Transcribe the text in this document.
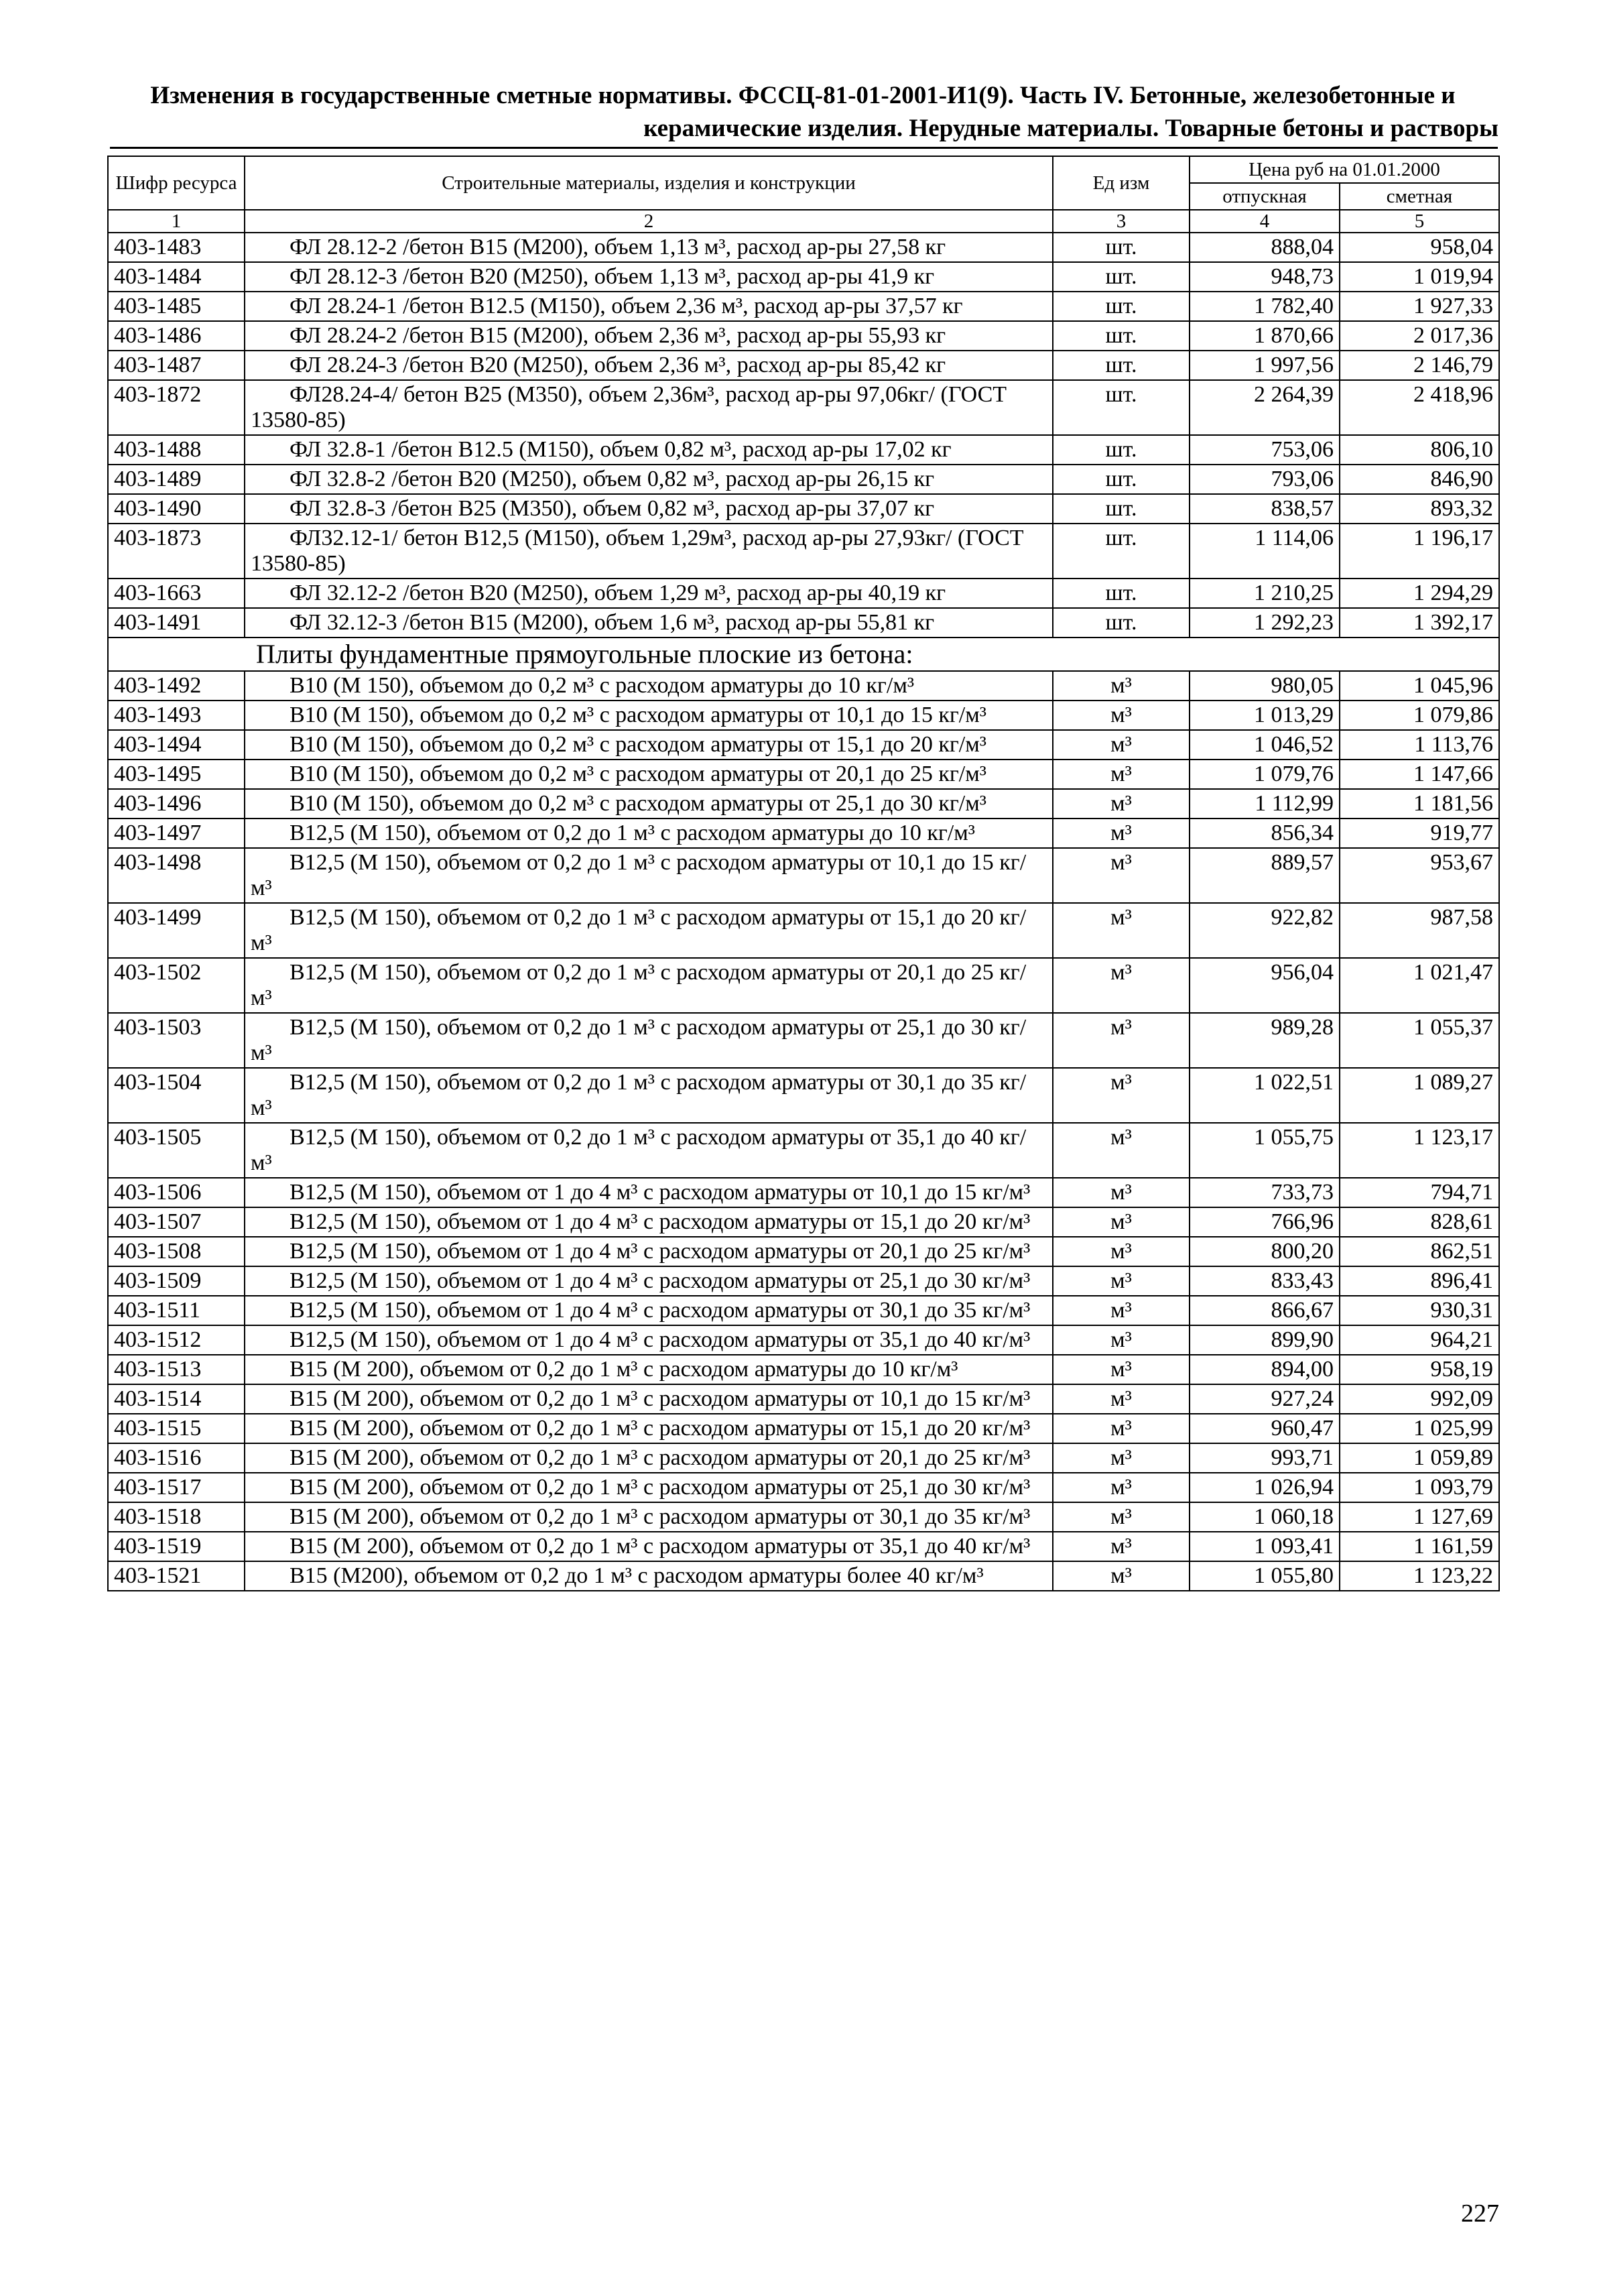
Изменения в государственные сметные нормативы. ФССЦ-81-01-2001-И1(9). Часть IV. Бетонные, железобетонные и
керамические изделия. Нерудные материалы. Товарные бетоны и растворы
Шифр ресурса	Строительные материалы, изделия и конструкции	Ед изм	Цена руб на 01.01.2000	
			отпускная	сметная
1	2	3	4	5
403-1483	ФЛ 28.12-2 /бетон В15 (М200), объем 1,13 м³, расход ар-ры 27,58 кг	шт.	888,04	958,04
403-1484	ФЛ 28.12-3 /бетон В20 (М250), объем 1,13 м³, расход ар-ры 41,9 кг	шт.	948,73	1 019,94
403-1485	ФЛ 28.24-1 /бетон В12.5 (М150), объем 2,36 м³, расход ар-ры 37,57 кг	шт.	1 782,40	1 927,33
403-1486	ФЛ 28.24-2 /бетон В15 (М200), объем 2,36 м³, расход ар-ры 55,93 кг	шт.	1 870,66	2 017,36
403-1487	ФЛ 28.24-3 /бетон В20 (М250), объем 2,36 м³, расход ар-ры 85,42 кг	шт.	1 997,56	2 146,79
403-1872	ФЛ28.24-4/ бетон В25 (М350), объем 2,36м³, расход ар-ры 97,06кг/ (ГОСТ 13580-85)	шт.	2 264,39	2 418,96
403-1488	ФЛ 32.8-1 /бетон В12.5 (М150), объем 0,82 м³, расход ар-ры 17,02 кг	шт.	753,06	806,10
403-1489	ФЛ 32.8-2 /бетон В20 (М250), объем 0,82 м³, расход ар-ры 26,15 кг	шт.	793,06	846,90
403-1490	ФЛ 32.8-3 /бетон В25 (М350), объем 0,82 м³, расход ар-ры 37,07 кг	шт.	838,57	893,32
403-1873	ФЛ32.12-1/ бетон В12,5 (М150), объем 1,29м³, расход ар-ры 27,93кг/ (ГОСТ 13580-85)	шт.	1 114,06	1 196,17
403-1663	ФЛ 32.12-2 /бетон В20 (М250), объем 1,29 м³, расход ар-ры 40,19 кг	шт.	1 210,25	1 294,29
403-1491	ФЛ 32.12-3 /бетон В15 (М200), объем 1,6 м³, расход ар-ры 55,81 кг	шт.	1 292,23	1 392,17
Плиты фундаментные прямоугольные плоские из бетона:				
403-1492	В10 (М 150), объемом до 0,2 м³ с расходом арматуры до 10 кг/м³	м³	980,05	1 045,96
403-1493	В10 (М 150), объемом до 0,2 м³ с расходом арматуры от 10,1 до 15 кг/м³	м³	1 013,29	1 079,86
403-1494	В10 (М 150), объемом до 0,2 м³ с расходом арматуры от 15,1 до 20 кг/м³	м³	1 046,52	1 113,76
403-1495	В10 (М 150), объемом до 0,2 м³ с расходом арматуры от 20,1 до 25 кг/м³	м³	1 079,76	1 147,66
403-1496	В10 (М 150), объемом до 0,2 м³ с расходом арматуры от 25,1 до 30 кг/м³	м³	1 112,99	1 181,56
403-1497	В12,5 (М 150), объемом от 0,2 до 1 м³ с расходом арматуры до 10 кг/м³	м³	856,34	919,77
403-1498	В12,5 (М 150), объемом от 0,2 до 1 м³ с расходом арматуры от 10,1 до 15 кг/м³	м³	889,57	953,67
403-1499	В12,5 (М 150), объемом от 0,2 до 1 м³ с расходом арматуры от 15,1 до 20 кг/м³	м³	922,82	987,58
403-1502	В12,5 (М 150), объемом от 0,2 до 1 м³ с расходом арматуры от 20,1 до 25 кг/м³	м³	956,04	1 021,47
403-1503	В12,5 (М 150), объемом от 0,2 до 1 м³ с расходом арматуры от 25,1 до 30 кг/м³	м³	989,28	1 055,37
403-1504	В12,5 (М 150), объемом от 0,2 до 1 м³ с расходом арматуры от 30,1 до 35 кг/м³	м³	1 022,51	1 089,27
403-1505	В12,5 (М 150), объемом от 0,2 до 1 м³ с расходом арматуры от 35,1 до 40 кг/м³	м³	1 055,75	1 123,17
403-1506	В12,5 (М 150), объемом от 1 до 4 м³ с расходом арматуры от 10,1 до 15 кг/м³	м³	733,73	794,71
403-1507	В12,5 (М 150), объемом от 1 до 4 м³ с расходом арматуры от 15,1 до 20 кг/м³	м³	766,96	828,61
403-1508	В12,5 (М 150), объемом от 1 до 4 м³ с расходом арматуры от 20,1 до 25 кг/м³	м³	800,20	862,51
403-1509	В12,5 (М 150), объемом от 1 до 4 м³ с расходом арматуры от 25,1 до 30 кг/м³	м³	833,43	896,41
403-1511	В12,5 (М 150), объемом от 1 до 4 м³ с расходом арматуры от 30,1 до 35 кг/м³	м³	866,67	930,31
403-1512	В12,5 (М 150), объемом от 1 до 4 м³ с расходом арматуры от 35,1 до 40 кг/м³	м³	899,90	964,21
403-1513	В15 (М 200), объемом от 0,2 до 1 м³ с расходом арматуры до 10 кг/м³	м³	894,00	958,19
403-1514	В15 (М 200), объемом от 0,2 до 1 м³ с расходом арматуры от 10,1 до 15 кг/м³	м³	927,24	992,09
403-1515	В15 (М 200), объемом от 0,2 до 1 м³ с расходом арматуры от 15,1 до 20 кг/м³	м³	960,47	1 025,99
403-1516	В15 (М 200), объемом от 0,2 до 1 м³ с расходом арматуры от 20,1 до 25 кг/м³	м³	993,71	1 059,89
403-1517	В15 (М 200), объемом от 0,2 до 1 м³ с расходом арматуры от 25,1 до 30 кг/м³	м³	1 026,94	1 093,79
403-1518	В15 (М 200), объемом от 0,2 до 1 м³ с расходом арматуры от 30,1 до 35 кг/м³	м³	1 060,18	1 127,69
403-1519	В15 (М 200), объемом от 0,2 до 1 м³ с расходом арматуры от 35,1 до 40 кг/м³	м³	1 093,41	1 161,59
403-1521	В15 (М200), объемом от 0,2 до 1 м³ с расходом арматуры более 40 кг/м³	м³	1 055,80	1 123,22
227
